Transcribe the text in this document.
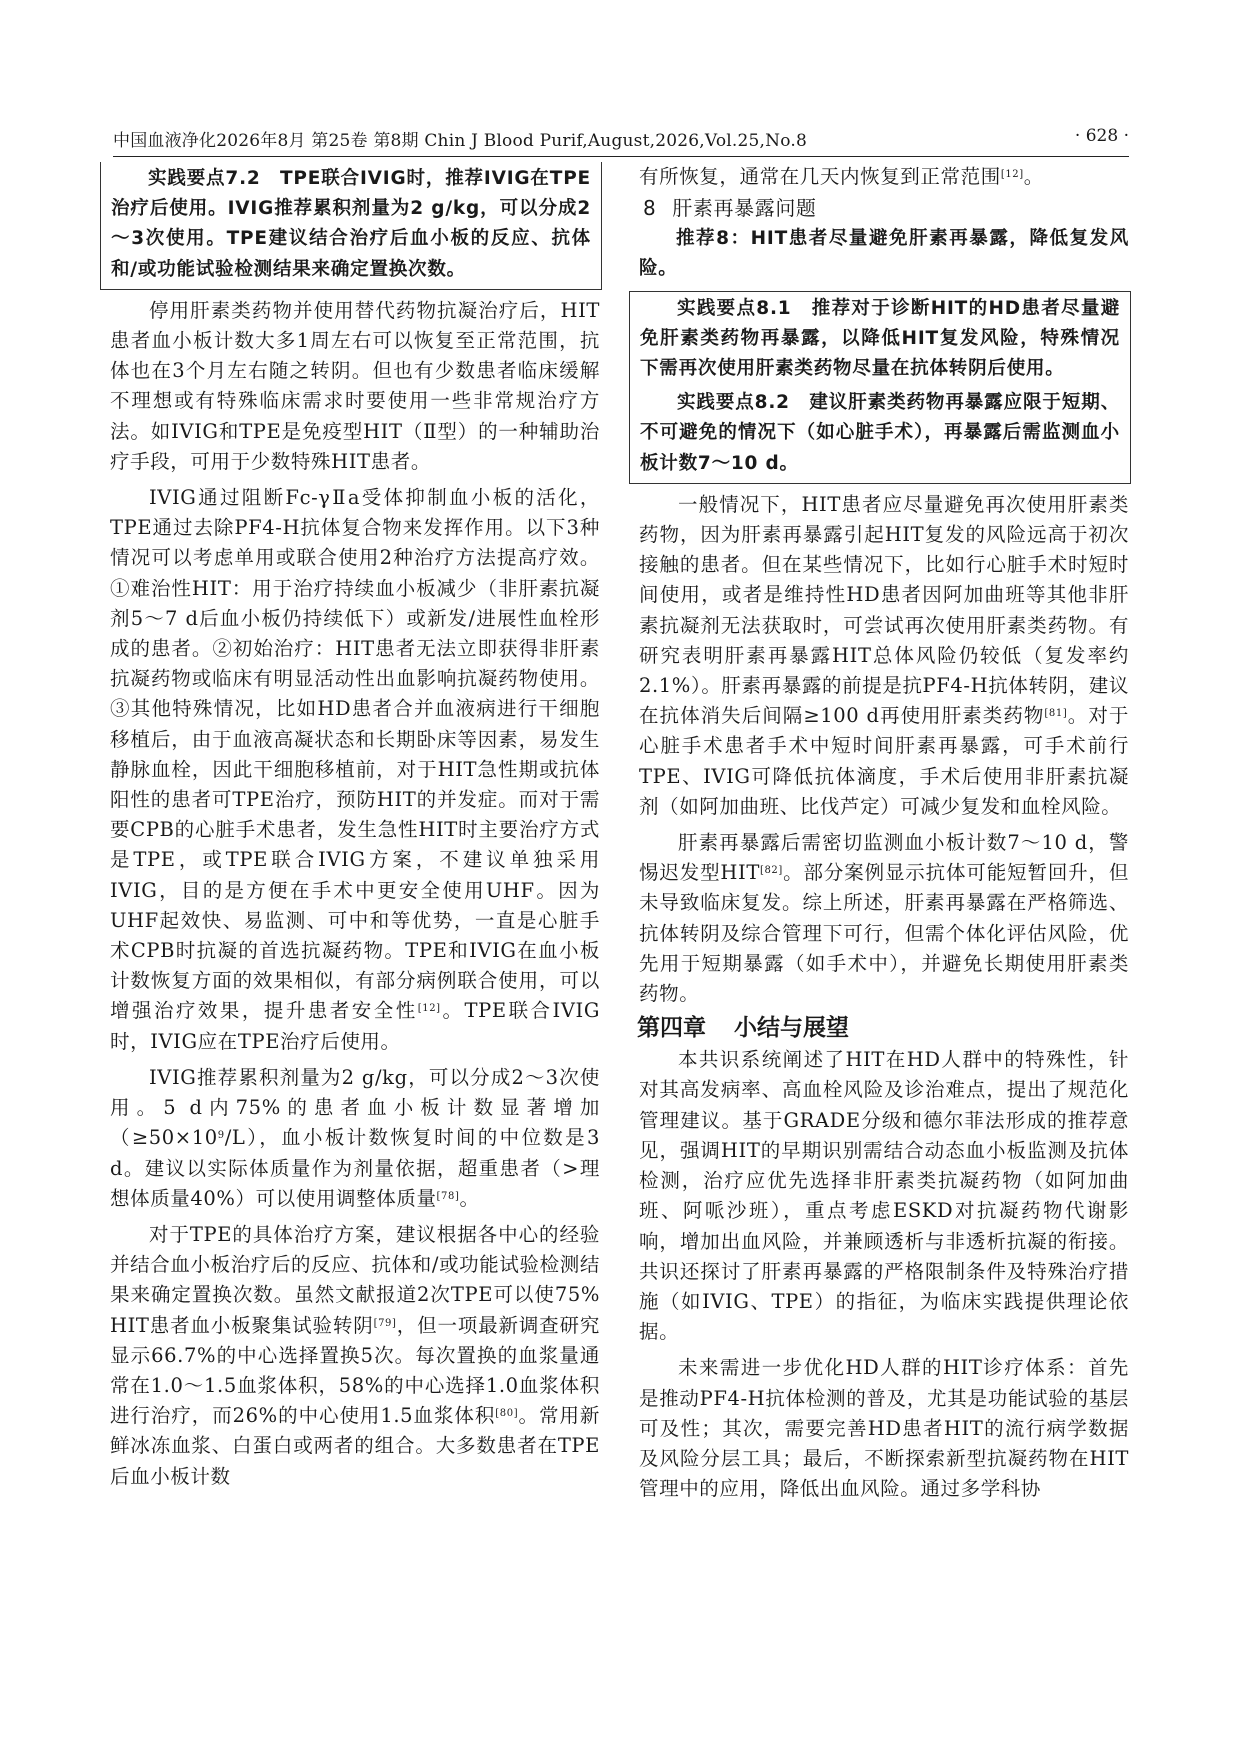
中国血液净化2026年8月 第25卷 第8期 Chin J Blood Purif,August,2026,Vol.25,No.8	· 628 ·

实践要点7.2　TPE联合IVIG时，推荐IVIG在TPE治疗后使用。IVIG推荐累积剂量为2 g/kg，可以分成2～3次使用。TPE建议结合治疗后血小板的反应、抗体和/或功能试验检测结果来确定置换次数。

停用肝素类药物并使用替代药物抗凝治疗后，HIT患者血小板计数大多1周左右可以恢复至正常范围，抗体也在3个月左右随之转阴。但也有少数患者临床缓解不理想或有特殊临床需求时要使用一些非常规治疗方法。如IVIG和TPE是免疫型HIT（Ⅱ型）的一种辅助治疗手段，可用于少数特殊HIT患者。

IVIG通过阻断Fc-γⅡa受体抑制血小板的活化，TPE通过去除PF4-H抗体复合物来发挥作用。以下3种情况可以考虑单用或联合使用2种治疗方法提高疗效。①难治性HIT：用于治疗持续血小板减少（非肝素抗凝剂5～7 d后血小板仍持续低下）或新发/进展性血栓形成的患者。②初始治疗：HIT患者无法立即获得非肝素抗凝药物或临床有明显活动性出血影响抗凝药物使用。③其他特殊情况，比如HD患者合并血液病进行干细胞移植后，由于血液高凝状态和长期卧床等因素，易发生静脉血栓，因此干细胞移植前，对于HIT急性期或抗体阳性的患者可TPE治疗，预防HIT的并发症。而对于需要CPB的心脏手术患者，发生急性HIT时主要治疗方式是TPE，或TPE联合IVIG方案，不建议单独采用IVIG，目的是方便在手术中更安全使用UHF。因为UHF起效快、易监测、可中和等优势，一直是心脏手术CPB时抗凝的首选抗凝药物。TPE和IVIG在血小板计数恢复方面的效果相似，有部分病例联合使用，可以增强治疗效果，提升患者安全性[12]。TPE联合IVIG时，IVIG应在TPE治疗后使用。

IVIG推荐累积剂量为2 g/kg，可以分成2～3次使用。5 d内75%的患者血小板计数显著增加$(\ge 50\times 10^9/L)$，血小板计数恢复时间的中位数是3 d。建议以实际体质量作为剂量依据，超重患者（>理想体质量40%）可以使用调整体质量[78]。

对于TPE的具体治疗方案，建议根据各中心的经验并结合血小板治疗后的反应、抗体和/或功能试验检测结果来确定置换次数。虽然文献报道2次TPE可以使75% HIT患者血小板聚集试验转阴[79]，但一项最新调查研究显示66.7%的中心选择置换5次。每次置换的血浆量通常在1.0～1.5血浆体积，58%的中心选择1.0血浆体积进行治疗，而26%的中心使用1.5血浆体积[80]。常用新鲜冰冻血浆、白蛋白或两者的组合。大多数患者在TPE后血小板计数

有所恢复，通常在几天内恢复到正常范围[12]。

8 肝素再暴露问题

推荐8：HIT患者尽量避免肝素再暴露，降低复发风险。

实践要点8.1　推荐对于诊断HIT的HD患者尽量避免肝素类药物再暴露，以降低HIT复发风险，特殊情况下需再次使用肝素类药物尽量在抗体转阴后使用。

实践要点8.2　建议肝素类药物再暴露应限于短期、不可避免的情况下（如心脏手术），再暴露后需监测血小板计数7～10 d。

一般情况下，HIT患者应尽量避免再次使用肝素类药物，因为肝素再暴露引起HIT复发的风险远高于初次接触的患者。但在某些情况下，比如行心脏手术时短时间使用，或者是维持性HD患者因阿加曲班等其他非肝素抗凝剂无法获取时，可尝试再次使用肝素类药物。有研究表明肝素再暴露HIT总体风险仍较低（复发率约2.1%）。肝素再暴露的前提是抗PF4-H抗体转阴，建议在抗体消失后间隔≥100 d再使用肝素类药物[81]。对于心脏手术患者手术中短时间肝素再暴露，可手术前行TPE、IVIG可降低抗体滴度，手术后使用非肝素抗凝剂（如阿加曲班、比伐芦定）可减少复发和血栓风险。

肝素再暴露后需密切监测血小板计数7～10 d，警惕迟发型HIT[82]。部分案例显示抗体可能短暂回升，但未导致临床复发。综上所述，肝素再暴露在严格筛选、抗体转阴及综合管理下可行，但需个体化评估风险，优先用于短期暴露（如手术中），并避免长期使用肝素类药物。

第四章 小结与展望

本共识系统阐述了HIT在HD人群中的特殊性，针对其高发病率、高血栓风险及诊治难点，提出了规范化管理建议。基于GRADE分级和德尔菲法形成的推荐意见，强调HIT的早期识别需结合动态血小板监测及抗体检测，治疗应优先选择非肝素类抗凝药物（如阿加曲班、阿哌沙班），重点考虑ESKD对抗凝药物代谢影响，增加出血风险，并兼顾透析与非透析抗凝的衔接。共识还探讨了肝素再暴露的严格限制条件及特殊治疗措施（如IVIG、TPE）的指征，为临床实践提供理论依据。

未来需进一步优化HD人群的HIT诊疗体系：首先是推动PF4-H抗体检测的普及，尤其是功能试验的基层可及性；其次，需要完善HD患者HIT的流行病学数据及风险分层工具；最后，不断探索新型抗凝药物在HIT管理中的应用，降低出血风险。通过多学科协
